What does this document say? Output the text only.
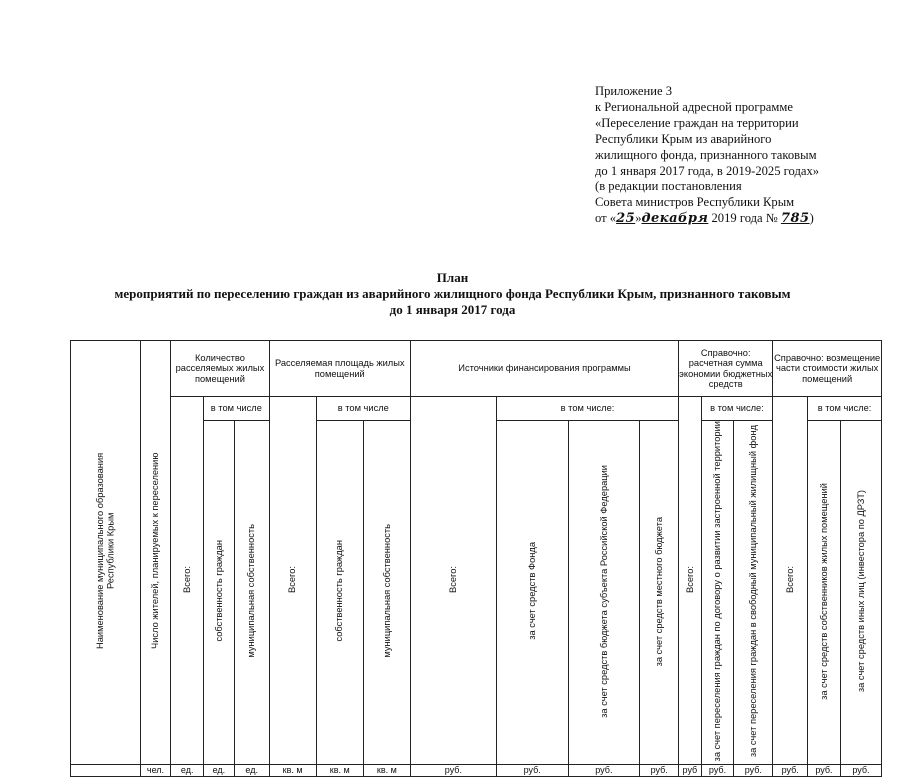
Приложение 3
к Региональной адресной программе
«Переселение граждан на территории
Республики Крым из аварийного
жилищного фонда, признанного таковым
до 1 января 2017 года, в 2019-2025 годах»
(в редакции постановления
Совета министров Республики Крым
от «25»декабря 2019 года № 785)
План
мероприятий по переселению граждан из аварийного жилищного фонда Республики Крым, признанного таковым
до 1 января 2017 года
Наименование муниципального образования Республики Крым	Число жителей, планируемых к переселению	Количество расселяемых жилых помещений			Расселяемая площадь жилых помещений			Источники финансирования программы				Справочно: расчетная сумма экономии бюджетных средств			Справочно: возмещение части стоимости жилых помещений		
		Всего:	в том числе		Всего:	в том числе		Всего:	в том числе:			Всего:	в том числе:		Всего:	в том числе:	
			собственность граждан	муниципальная собственность		собственность граждан	муниципальная собственность		за счет средств Фонда	за счет средств бюджета субъекта Российской Федерации	за счет средств местного бюджета		за счет переселения граждан по договору о развитии застроенной территории	за счет переселения граждан в свободный муниципальный жилищный фонд		за счет средств собственников жилых помещений	за счет средств иных лиц (инвестора по ДРЗТ)
	чел.	ед.	ед.	ед.	кв. м	кв. м	кв. м	руб.	руб.	руб.	руб.	руб	руб.	руб.	руб.	руб.	руб.
